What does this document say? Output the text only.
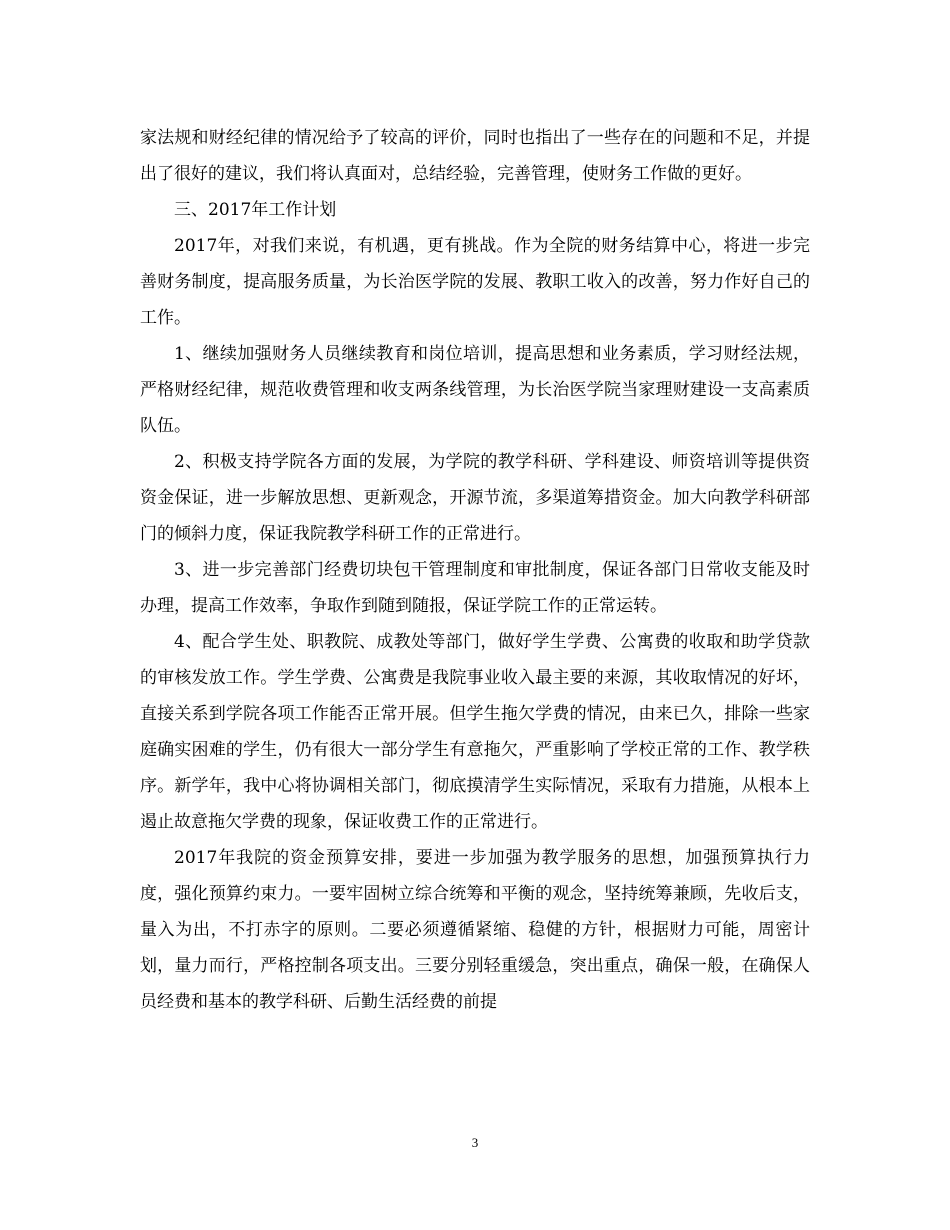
家法规和财经纪律的情况给予了较高的评价，同时也指出了一些存在的问题和不足，并提出了很好的建议，我们将认真面对，总结经验，完善管理，使财务工作做的更好。

三、2017年工作计划

2017年，对我们来说，有机遇，更有挑战。作为全院的财务结算中心，将进一步完善财务制度，提高服务质量，为长治医学院的发展、教职工收入的改善，努力作好自己的工作。

1、继续加强财务人员继续教育和岗位培训，提高思想和业务素质，学习财经法规，严格财经纪律，规范收费管理和收支两条线管理，为长治医学院当家理财建设一支高素质队伍。

2、积极支持学院各方面的发展，为学院的教学科研、学科建设、师资培训等提供资资金保证，进一步解放思想、更新观念，开源节流，多渠道筹措资金。加大向教学科研部门的倾斜力度，保证我院教学科研工作的正常进行。

3、进一步完善部门经费切块包干管理制度和审批制度，保证各部门日常收支能及时办理，提高工作效率，争取作到随到随报，保证学院工作的正常运转。

4、配合学生处、职教院、成教处等部门，做好学生学费、公寓费的收取和助学贷款的审核发放工作。学生学费、公寓费是我院事业收入最主要的来源，其收取情况的好坏，直接关系到学院各项工作能否正常开展。但学生拖欠学费的情况，由来已久，排除一些家庭确实困难的学生，仍有很大一部分学生有意拖欠，严重影响了学校正常的工作、教学秩序。新学年，我中心将协调相关部门，彻底摸清学生实际情况，采取有力措施，从根本上遏止故意拖欠学费的现象，保证收费工作的正常进行。

2017年我院的资金预算安排，要进一步加强为教学服务的思想，加强预算执行力度，强化预算约束力。一要牢固树立综合统筹和平衡的观念，坚持统筹兼顾，先收后支，量入为出，不打赤字的原则。二要必须遵循紧缩、稳健的方针，根据财力可能，周密计划，量力而行，严格控制各项支出。三要分别轻重缓急，突出重点，确保一般，在确保人员经费和基本的教学科研、后勤生活经费的前提

3
